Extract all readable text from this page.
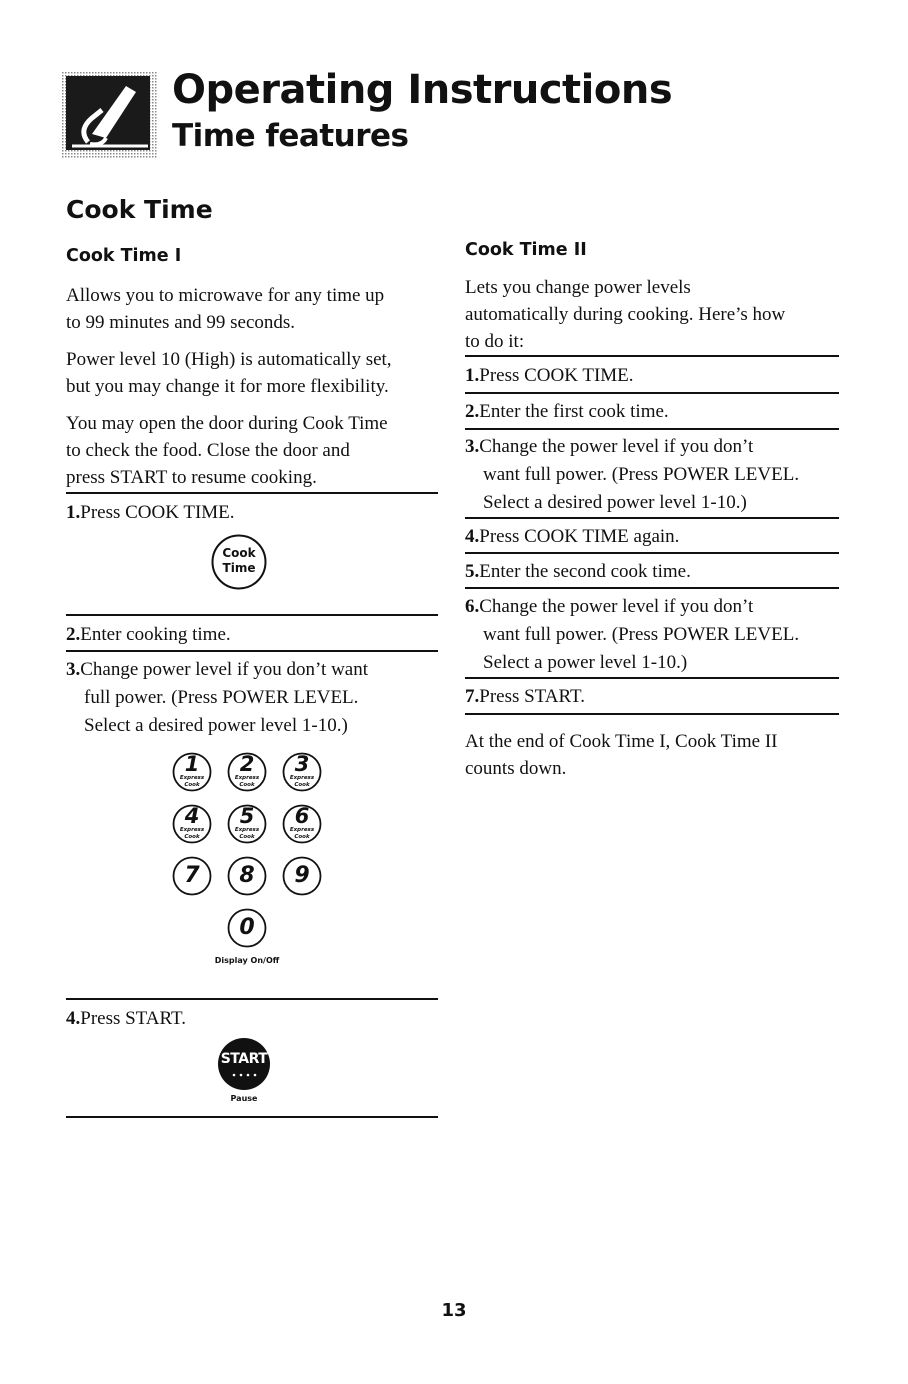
Operating Instructions
Time features
Cook Time
Cook Time I

Allows you to microwave for any time up
to 99 minutes and 99 seconds.

Power level 10 (High) is automatically set,
but you may change it for more flexibility.

You may open the door during Cook Time
to check the food. Close the door and
press START to resume cooking.

1.Press COOK TIME.
Cook
Time
2.Enter cooking time.
3.Change power level if you don’t want
full power. (Press POWER LEVEL.
Select a desired power level 1-10.)
1
Express
Cook
2
Express
Cook
3
Express
Cook
4
Express
Cook
5
Express
Cook
6
Express
Cook
7	8	9
0
Display On/Off
4.Press START.
START
Pause
Cook Time II
Lets you change power levels
automatically during cooking. Here’s how
to do it:
1.Press COOK TIME.
2.Enter the first cook time.
3.Change the power level if you don’t
want full power. (Press POWER LEVEL.
Select a desired power level 1-10.)
4.Press COOK TIME again.
5.Enter the second cook time.
6.Change the power level if you don’t
want full power. (Press POWER LEVEL.
Select a power level 1-10.)
7.Press START.
At the end of Cook Time I, Cook Time II
counts down.
13
